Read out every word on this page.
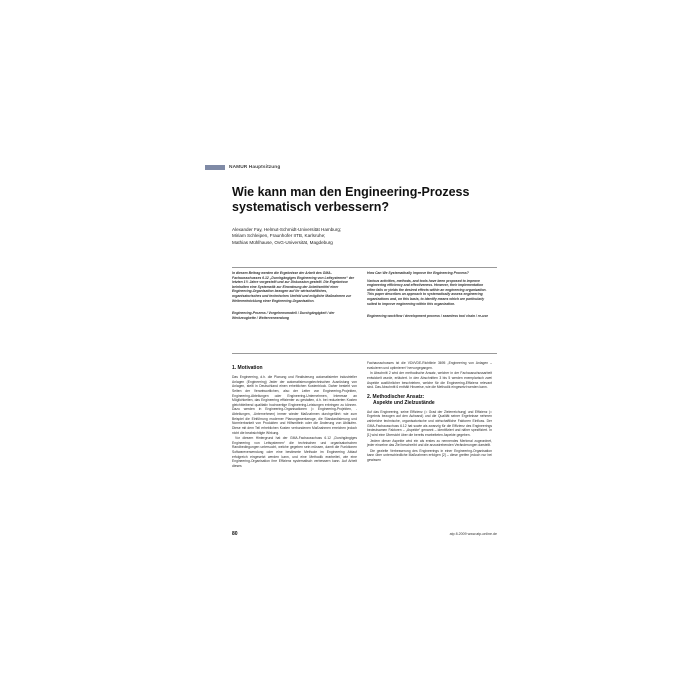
NAMUR Hauptsitzung
Wie kann man den Engineering-Prozess
systematisch verbessern?
Alexander Fay, Helmut-Schmidt-Universität Hamburg;
Miriam Schleipen, Fraunhofer IITB, Karlsruhe;
Mathias Mühlhause, OvG-Universität, Magdeburg

In diesem Beitrag werden die Ergebnisse der Arbeit des GMA-Fachausschusses 6.12 „Durchgängiges Engineering von Leitsystemen“ der letzten 1½ Jahre vorgestellt und zur Diskussion gestellt. Die Ergebnisse beinhalten eine Systematik zur Einordnung der Arbeitsmittel einer Engineering-Organisation bezogen auf ihr wirtschaftliches, organisatorisches und technisches Umfeld und mögliche Maßnahmen zur Weiterentwicklung einer Engineering-Organisation.

Engineering-Prozess / Vorgehensmodell / Durchgängigkeit / der Werkzeugkette / Weiterverwendung

How Can We Systematically Improve the Engineering Process?

Various activities, methods, and tools have been proposed to improve engineering efficiency and effectiveness. However, their implementation often fails or yields the desired effects within an engineering organization. This paper describes an approach to systematically assess engineering organizations and, on this basis, to identify means which are particularly suited to improve engineering within this organization.

Engineering workflow / development process / seamless tool chain / re-use

1. Motivation

Das Engineering, d.h. die Planung und Realisierung automatisierter industrieller Anlagen (Engineering) Jeder der automatisierungstechnischen Ausrüstung von Anlagen, stellt in Deutschland einen erheblichen Kostenblock. Daher besteht von Seiten der Verantwortlichen, also der Leiter von Engineering-Projekten, Engineering-Abteilungen oder Engineering-Unternehmen, Interesse an Möglichkeiten, das Engineering effizienter zu gestalten, d.h. bei reduzierten Kosten gleichbleibend qualitativ hochwertige Engineering-Leistungen erbringen zu können. Dazu werden in Engineering-Organisationen (= Engineering-Projekten, -Abteilungen, -Unternehmen) immer wieder Maßnahmen durchgeführt: wie zum Beispiel die Einführung moderner Planungswerkzeuge, die Standardisierung und Normierbarkeit von Produkten und Hilfsmitteln oder die Änderung von Abläufen. Diese mit dem Teil erheblichen Kosten verbundenen Maßnahmen erreichen jedoch nicht die beabsichtigte Wirkung.

Vor diesem Hintergrund hat der GMA-Fachausschuss 6.12 „Durchgängiges Engineering von Leitsystemen“ die technischen und organisatorischen Randbedingungen untersucht, welche gegeben sein müssen, damit die Funktionen Softwareverwendung oder eine bestimmte Methode im Engineering Ablauf erfolgreich eingesetzt werden kann, und eine Methodik erarbeitet, wie eine Engineering-Organisation ihre Effizienz systematisch verbessern kann. Auf Arbeit dieses

Fachausschusses ist die VDI/VDE-Richtlinie 3695 „Engineering von Anlagen – evaluieren und optimieren“ hervorgegangen.

In Abschnitt 2 wird der methodische Ansatz, welcher in der Fachausschussarbeit entwickelt wurde, erläutert. In den Abschnitten 3 bis 5 werden exemplarisch zwei Aspekte ausführlicher beschrieben, welche für die Engineering-Effizienz relevant sind. Das Abschnitt 6 enthält Hinweise, wie die Methodik eingesetzt werden kann.

2. Methodischer Ansatz:
Aspekte und Zielzustände

Auf das Engineering, seine Effizienz (= Grad der Zielerreichung) und Effizienz (= Ergebnis bezogen auf den Aufwand) und die Qualität seiner Ergebnisse nehmen zahlreiche technische, organisatorische und wirtschaftliche Faktoren Einfluss. Der GMA-Fachausschuss 6.12 hat sowie als zwanzig für die Effizienz des Engineerings bedeutsamen Faktoren – „Aspekte“ genannt – identifiziert und näher spezifiziert. In [1] wird eine Übersicht über die bereits erarbeiteten Aspekte gegeben.

Jedem dieser Aspekte wird ein als erstes zu nennendes Merkmal zugeordnet, jeder einzelne das Ziel beschreibt und die anzustrebenden Veränderungen darstellt.

Die gezielte Verbesserung des Engineerings in einer Engineering-Organisation kann über unterschiedliche Maßnahmen erfolgen [2] – diese greifen jedoch nur bei gewissen

80	atp 8.2009 www.atp-online.de
